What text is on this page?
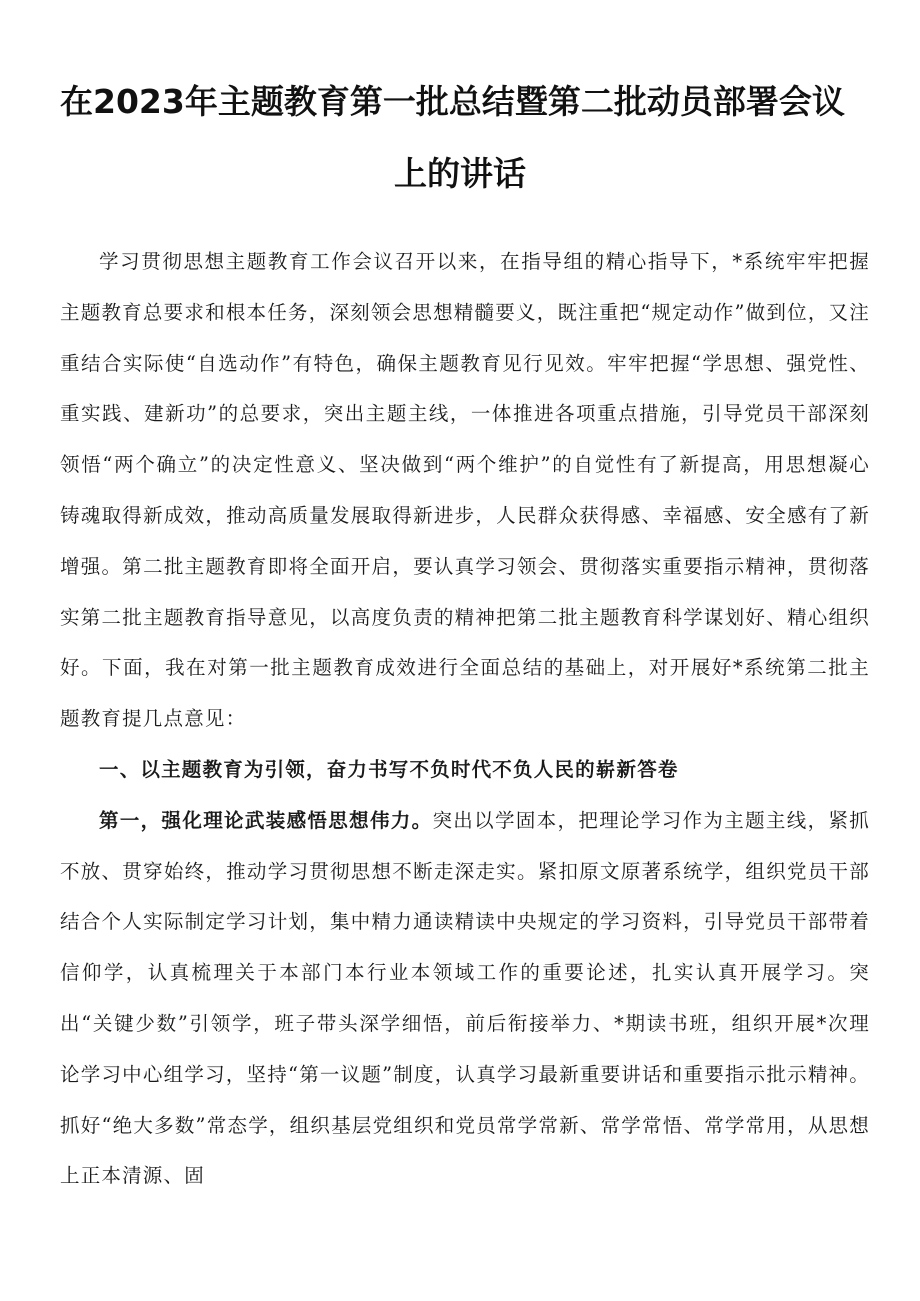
在2023年主题教育第一批总结暨第二批动员部署会议
上的讲话

学习贯彻思想主题教育工作会议召开以来，在指导组的精心指导下，*系统牢牢把握主题教育总要求和根本任务，深刻领会思想精髓要义，既注重把“规定动作”做到位，又注重结合实际使“自选动作”有特色，确保主题教育见行见效。牢牢把握“学思想、强党性、重实践、建新功”的总要求，突出主题主线，一体推进各项重点措施，引导党员干部深刻领悟“两个确立”的决定性意义、坚决做到“两个维护”的自觉性有了新提高，用思想凝心铸魂取得新成效，推动高质量发展取得新进步，人民群众获得感、幸福感、安全感有了新增强。第二批主题教育即将全面开启，要认真学习领会、贯彻落实重要指示精神，贯彻落实第二批主题教育指导意见，以高度负责的精神把第二批主题教育科学谋划好、精心组织好。下面，我在对第一批主题教育成效进行全面总结的基础上，对开展好*系统第二批主题教育提几点意见：

一、以主题教育为引领，奋力书写不负时代不负人民的崭新答卷

第一，强化理论武装感悟思想伟力。突出以学固本，把理论学习作为主题主线，紧抓不放、贯穿始终，推动学习贯彻思想不断走深走实。紧扣原文原著系统学，组织党员干部结合个人实际制定学习计划，集中精力通读精读中央规定的学习资料，引导党员干部带着信仰学，认真梳理关于本部门本行业本领域工作的重要论述，扎实认真开展学习。突出“关键少数”引领学，班子带头深学细悟，前后衔接举力、*期读书班，组织开展*次理论学习中心组学习，坚持“第一议题”制度，认真学习最新重要讲话和重要指示批示精神。抓好“绝大多数”常态学，组织基层党组织和党员常学常新、常学常悟、常学常用，从思想上正本清源、固
